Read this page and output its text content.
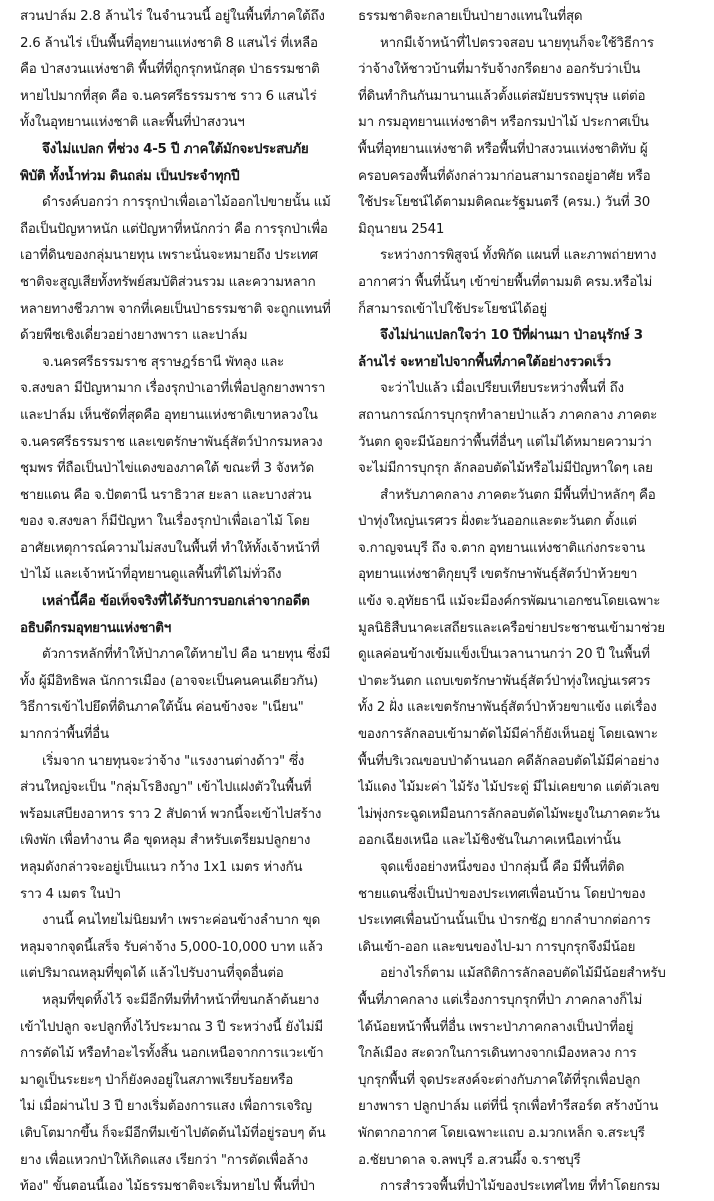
สวนปาล์ม 2.8 ล้านไร่ ในจำนวนนี้ อยู่ในพื้นที่ภาคใต้ถึง
2.6 ล้านไร่ เป็นพื้นที่อุทยานแห่งชาติ 8 แสนไร่ ที่เหลือ
คือ ป่าสงวนแห่งชาติ พื้นที่ที่ถูกรุกหนักสุด ป่าธรรมชาติ
หายไปมากที่สุด คือ จ.นครศรีธรรมราช ราว 6 แสนไร่
ทั้งในอุทยานแห่งชาติ และพื้นที่ป่าสงวนฯ
จึงไม่แปลก ที่ช่วง 4-5 ปี ภาคใต้มักจะประสบภัย
พิบัติ ทั้งน้ำท่วม ดินถล่ม เป็นประจำทุกปี
ดำรงค์บอกว่า การรุกป่าเพื่อเอาไม้ออกไปขายนั้น แม้
ถือเป็นปัญหาหนัก แต่ปัญหาที่หนักกว่า คือ การรุกป่าเพื่อ
เอาที่ดินของกลุ่มนายทุน เพราะนั่นจะหมายถึง ประเทศ
ชาติจะสูญเสียทั้งทรัพย์สมบัติส่วนรวม และความหลาก
หลายทางชีวภาพ จากที่เคยเป็นป่าธรรมชาติ จะถูกแทนที่
ด้วยพืชเชิงเดี่ยวอย่างยางพารา และปาล์ม
จ.นครศรีธรรมราช สุราษฎร์ธานี พัทลุง และ
จ.สงขลา มีปัญหามาก เรื่องรุกป่าเอาที่เพื่อปลูกยางพารา
และปาล์ม เห็นชัดที่สุดคือ อุทยานแห่งชาติเขาหลวงใน
จ.นครศรีธรรมราช และเขตรักษาพันธุ์สัตว์ป่ากรมหลวง
ชุมพร ที่ถือเป็นป่าไข่แดงของภาคใต้ ขณะที่ 3 จังหวัด
ชายแดน คือ จ.ปัตตานี นราธิวาส ยะลา และบางส่วน
ของ จ.สงขลา ก็มีปัญหา ในเรื่องรุกป่าเพื่อเอาไม้ โดย
อาศัยเหตุการณ์ความไม่สงบในพื้นที่ ทำให้ทั้งเจ้าหน้าที่
ป่าไม้ และเจ้าหน้าที่อุทยานดูแลพื้นที่ได้ไม่ทั่วถึง
เหล่านี้คือ ข้อเท็จจริงที่ได้รับการบอกเล่าจากอดีต
อธิบดีกรมอุทยานแห่งชาติฯ
ตัวการหลักที่ทำให้ป่าภาคใต้หายไป คือ นายทุน ซึ่งมี
ทั้ง ผู้มีอิทธิพล นักการเมือง (อาจจะเป็นคนคนเดียวกัน)
วิธีการเข้าไปยึดที่ดินภาคใต้นั้น ค่อนข้างจะ "เนียน"
มากกว่าพื้นที่อื่น
เริ่มจาก นายทุนจะว่าจ้าง "แรงงานต่างด้าว" ซึ่ง
ส่วนใหญ่จะเป็น "กลุ่มโรฮิงญา" เข้าไปแฝงตัวในพื้นที่
พร้อมเสบียงอาหาร ราว 2 สัปดาห์ พวกนี้จะเข้าไปสร้าง
เพิงพัก เพื่อทำงาน คือ ขุดหลุม สำหรับเตรียมปลูกยาง
หลุมดังกล่าวจะอยู่เป็นแนว กว้าง 1x1 เมตร ห่างกัน
ราว 4 เมตร ในป่า
งานนี้ คนไทยไม่นิยมทำ เพราะค่อนข้างลำบาก ขุด
หลุมจากจุดนี้เสร็จ รับค่าจ้าง 5,000-10,000 บาท แล้ว
แต่ปริมาณหลุมที่ขุดได้ แล้วไปรับงานที่จุดอื่นต่อ
หลุมที่ขุดทิ้งไว้ จะมีอีกทีมที่ทำหน้าที่ขนกล้าต้นยาง
เข้าไปปลูก จะปลูกทิ้งไว้ประมาณ 3 ปี ระหว่างนี้ ยังไม่มี
การตัดไม้ หรือทำอะไรทั้งสิ้น นอกเหนือจากการแวะเข้า
มาดูเป็นระยะๆ ป่าก็ยังคงอยู่ในสภาพเรียบร้อยหรือ
ไม่ เมื่อผ่านไป 3 ปี ยางเริ่มต้องการแสง เพื่อการเจริญ
เติบโตมากขึ้น ก็จะมีอีกทีมเข้าไปตัดต้นไม้ที่อยู่รอบๆ ต้น
ยาง เพื่อแหวกป่าให้เกิดแสง เรียกว่า "การตัดเพื่อล้าง
ท้อง" ขั้นตอนนี้เอง ไม้ธรรมชาติจะเริ่มหายไป พื้นที่ป่า
ธรรมชาติจะกลายเป็นป่ายางแทนในที่สุด
หากมีเจ้าหน้าที่ไปตรวจสอบ นายทุนก็จะใช้วิธีการ
ว่าจ้างให้ชาวบ้านที่มารับจ้างกรีดยาง ออกรับว่าเป็น
ที่ดินทำกินกันมานานแล้วตั้งแต่สมัยบรรพบุรุษ แต่ต่อ
มา กรมอุทยานแห่งชาติฯ หรือกรมป่าไม้ ประกาศเป็น
พื้นที่อุทยานแห่งชาติ หรือพื้นที่ป่าสงวนแห่งชาติทับ ผู้
ครอบครองพื้นที่ดังกล่าวมาก่อนสามารถอยู่อาศัย หรือ
ใช้ประโยชน์ได้ตามมติคณะรัฐมนตรี (ครม.) วันที่ 30
มิถุนายน 2541
ระหว่างการพิสูจน์ ทั้งพิกัด แผนที่ และภาพถ่ายทาง
อากาศว่า พื้นที่นั้นๆ เข้าข่ายพื้นที่ตามมติ ครม.หรือไม่
ก็สามารถเข้าไปใช้ประโยชน์ได้อยู่
จึงไม่น่าแปลกใจว่า 10 ปีที่ผ่านมา ป่าอนุรักษ์ 3
ล้านไร่ จะหายไปจากพื้นที่ภาคใต้อย่างรวดเร็ว
จะว่าไปแล้ว เมื่อเปรียบเทียบระหว่างพื้นที่ ถึง
สถานการณ์การบุกรุกทำลายป่าแล้ว ภาคกลาง ภาคตะ
วันตก ดูจะมีน้อยกว่าพื้นที่อื่นๆ แต่ไม่ได้หมายความว่า
จะไม่มีการบุกรุก ลักลอบตัดไม้หรือไม่มีปัญหาใดๆ เลย
สำหรับภาคกลาง ภาคตะวันตก มีพื้นที่ป่าหลักๆ คือ
ป่าทุ่งใหญ่นเรศวร ฝั่งตะวันออกและตะวันตก ตั้งแต่
จ.กาญจนบุรี ถึง จ.ตาก อุทยานแห่งชาติแก่งกระจาน
อุทยานแห่งชาติกุยบุรี เขตรักษาพันธุ์สัตว์ป่าห้วยขา
แข้ง จ.อุทัยธานี แม้จะมีองค์กรพัฒนาเอกชนโดยเฉพาะ
มูลนิธิสืบนาคะเสถียรและเครือข่ายประชาชนเข้ามาช่วย
ดูแลค่อนข้างเข้มแข็งเป็นเวลานานกว่า 20 ปี ในพื้นที่
ป่าตะวันตก แถบเขตรักษาพันธุ์สัตว์ป่าทุ่งใหญ่นเรศวร
ทั้ง 2 ฝั่ง และเขตรักษาพันธุ์สัตว์ป่าห้วยขาแข้ง แต่เรื่อง
ของการลักลอบเข้ามาตัดไม้มีค่าก็ยังเห็นอยู่ โดยเฉพาะ
พื้นที่บริเวณขอบป่าด้านนอก คดีลักลอบตัดไม้มีค่าอย่าง
ไม้แดง ไม้มะค่า ไม้รัง ไม้ประดู่ มีไม่เคยขาด แต่ตัวเลข
ไม่พุ่งกระฉูดเหมือนการลักลอบตัดไม้พะยูงในภาคตะวัน
ออกเฉียงเหนือ และไม้ชิงชันในภาคเหนือเท่านั้น
จุดแข็งอย่างหนึ่งของ ป่ากลุ่มนี้ คือ มีพื้นที่ติด
ชายแดนซึ่งเป็นป่าของประเทศเพื่อนบ้าน โดยป่าของ
ประเทศเพื่อนบ้านนั้นเป็น ป่ารกชัฏ ยากลำบากต่อการ
เดินเข้า-ออก และขนของไป-มา การบุกรุกจึงมีน้อย
อย่างไรก็ตาม แม้สถิติการลักลอบตัดไม้มีน้อยสำหรับ
พื้นที่ภาคกลาง แต่เรื่องการบุกรุกที่ป่า ภาคกลางก็ไม่
ได้น้อยหน้าพื้นที่อื่น เพราะป่าภาคกลางเป็นป่าที่อยู่
ใกล้เมือง สะดวกในการเดินทางจากเมืองหลวง การ
บุกรุกพื้นที่ จุดประสงค์จะต่างกับภาคใต้ที่รุกเพื่อปลูก
ยางพารา ปลูกปาล์ม แต่ที่นี่ รุกเพื่อทำรีสอร์ต สร้างบ้าน
พักตากอากาศ โดยเฉพาะแถบ อ.มวกเหล็ก จ.สระบุรี
อ.ชัยบาดาล จ.ลพบุรี อ.สวนผึ้ง จ.ราชบุรี
การสำรวจพื้นที่ป่าไม้ของประเทศไทย ที่ทำโดยกรม
